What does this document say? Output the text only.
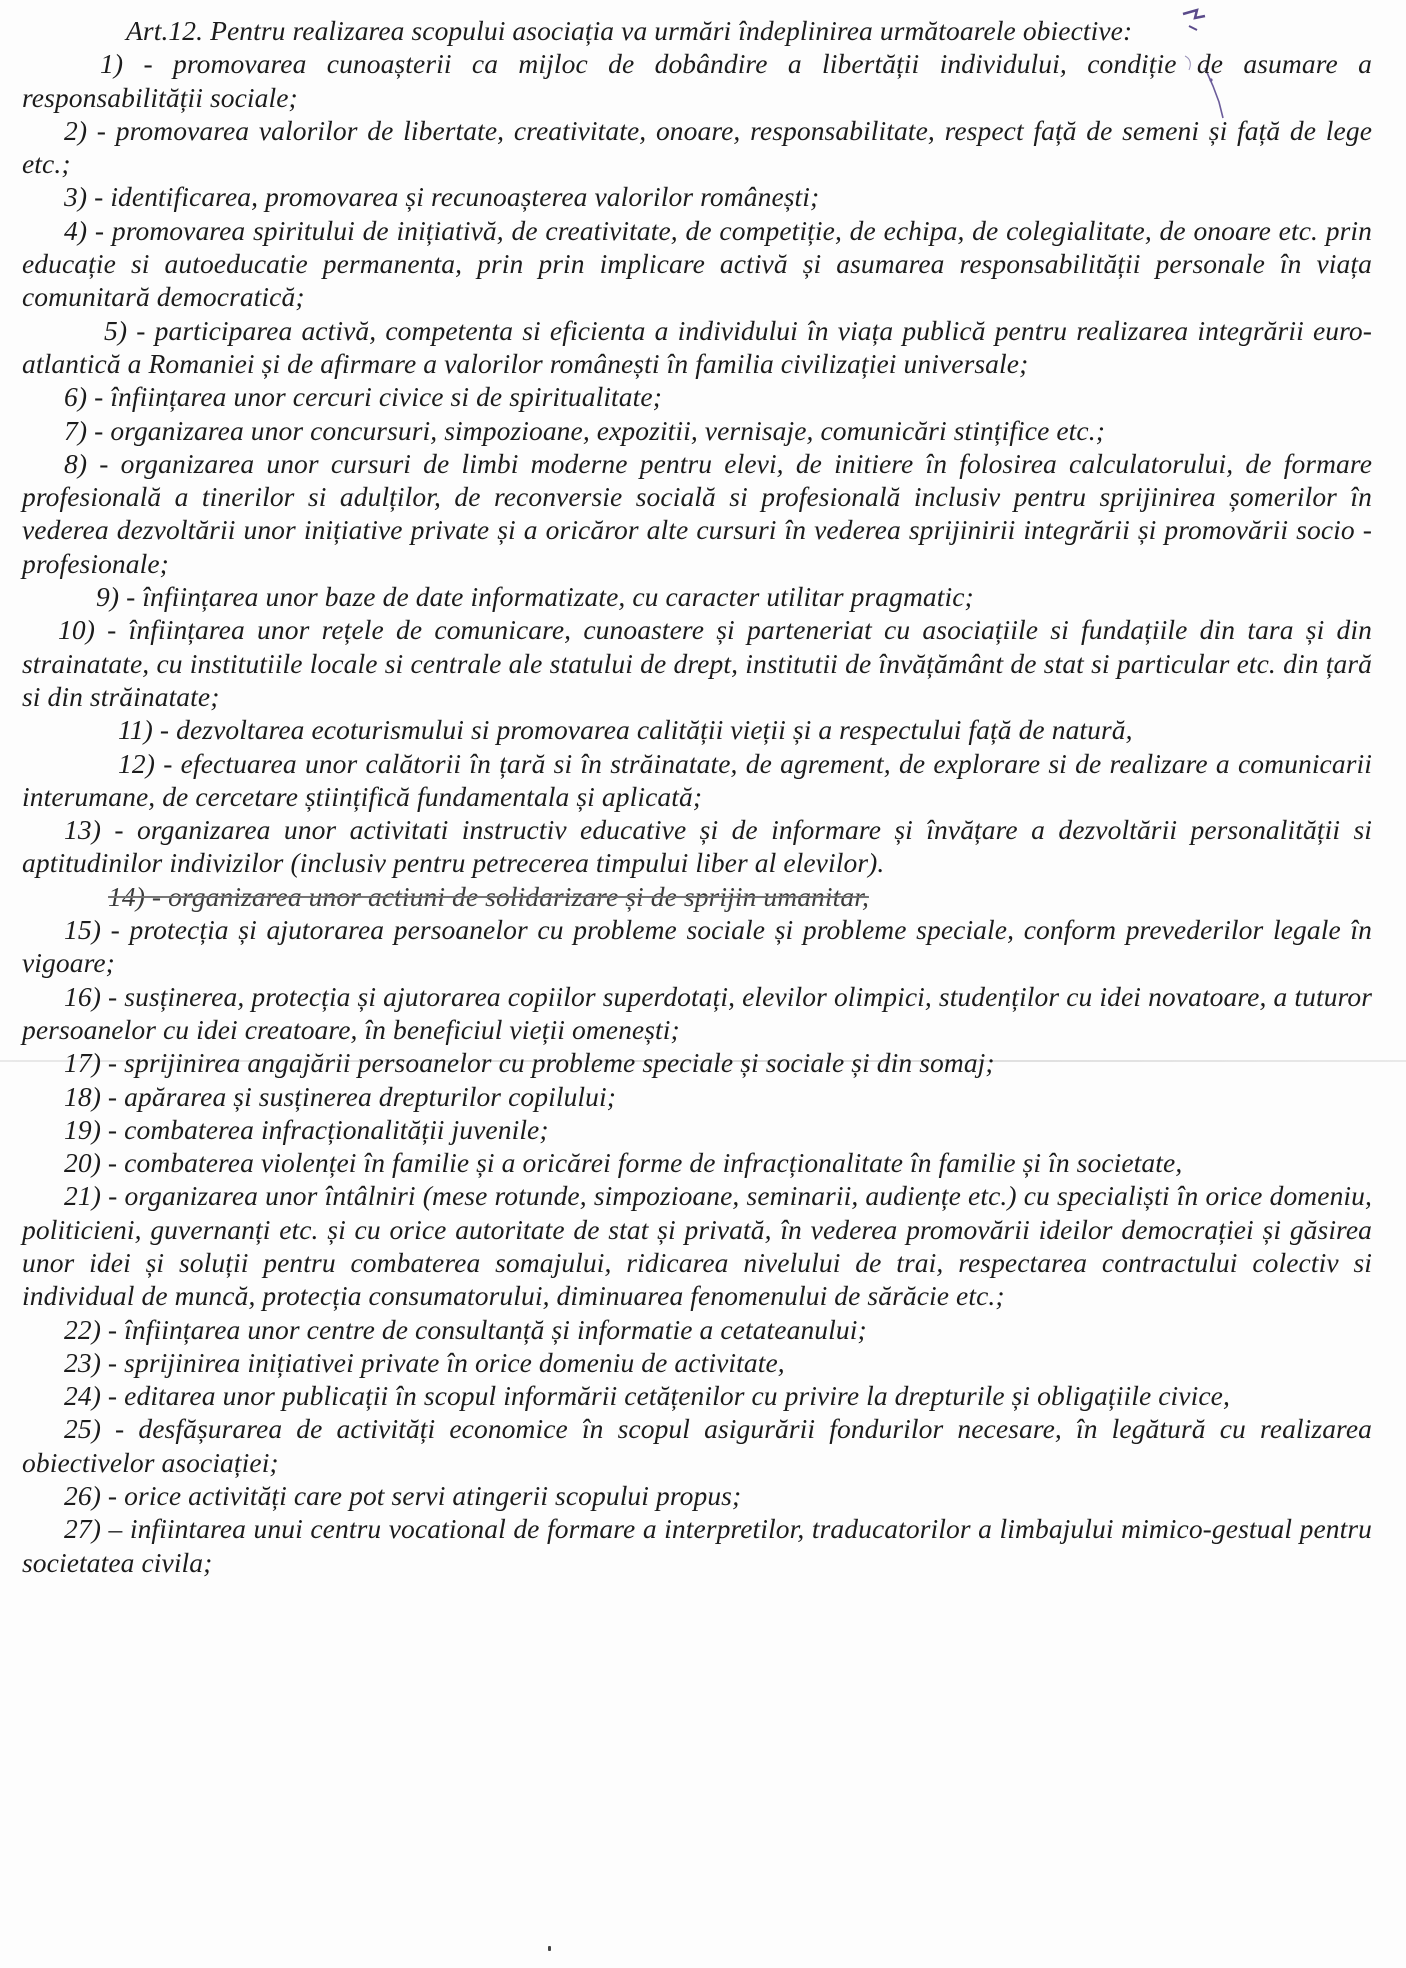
Art.12. Pentru realizarea scopului asociația va urmări îndeplinirea următoarele obiective:

1) - promovarea cunoașterii ca mijloc de dobândire a libertății individului, condiție de asumare a responsabilității sociale;

2) - promovarea valorilor de libertate, creativitate, onoare, responsabilitate, respect față de semeni și față de lege etc.;

3) - identificarea, promovarea și recunoașterea valorilor românești;

4) - promovarea spiritului de inițiativă, de creativitate, de competiție, de echipa, de colegialitate, de onoare etc. prin educație si autoeducatie permanenta, prin prin implicare activă și asumarea responsabilității personale în viața comunitară democratică;

5) - participarea activă, competenta si eficienta a individului în viața publică pentru realizarea integrării euro-atlantică a Romaniei și de afirmare a valorilor românești în familia civilizației universale;

6) - înființarea unor cercuri civice si de spiritualitate;

7) - organizarea unor concursuri, simpozioane, expozitii, vernisaje, comunicări stințifice etc.;

8) - organizarea unor cursuri de limbi moderne pentru elevi, de initiere în folosirea calculatorului, de formare profesională a tinerilor si adulților, de reconversie socială si profesională inclusiv pentru sprijinirea șomerilor în vederea dezvoltării unor inițiative private și a oricăror alte cursuri în vederea sprijinirii integrării și promovării socio - profesionale;

9) - înființarea unor baze de date informatizate, cu caracter utilitar pragmatic;

10) - înființarea unor rețele de comunicare, cunoastere și parteneriat cu asociațiile si fundațiile din tara și din strainatate, cu institutiile locale si centrale ale statului de drept, institutii de învățământ de stat si particular etc. din țară si din străinatate;

11) - dezvoltarea ecoturismului si promovarea calității vieții și a respectului față de natură,

12) - efectuarea unor calătorii în țară si în străinatate, de agrement, de explorare si de realizare a comunicarii interumane, de cercetare științifică fundamentala și aplicată;

13) - organizarea unor activitati instructiv educative și de informare și învățare a dezvoltării personalității si aptitudinilor indivizilor (inclusiv pentru petrecerea timpului liber al elevilor).

14) - organizarea unor actiuni de solidarizare și de sprijin umanitar,

15) - protecția și ajutorarea persoanelor cu probleme sociale și probleme speciale, conform prevederilor legale în vigoare;

16) - susținerea, protecția și ajutorarea copiilor superdotați, elevilor olimpici, studenților cu idei novatoare, a tuturor persoanelor cu idei creatoare, în beneficiul vieții omenești;

17) - sprijinirea angajării persoanelor cu probleme speciale și sociale și din somaj;

18) - apărarea și susținerea drepturilor copilului;

19) - combaterea infracționalității juvenile;

20) - combaterea violenței în familie și a oricărei forme de infracționalitate în familie și în societate,

21) - organizarea unor întâlniri (mese rotunde, simpozioane, seminarii, audiențe etc.) cu specialiști în orice domeniu, politicieni, guvernanți etc. și cu orice autoritate de stat și privată, în vederea promovării ideilor democrației și găsirea unor idei și soluții pentru combaterea somajului, ridicarea nivelului de trai, respectarea contractului colectiv si individual de muncă, protecția consumatorului, diminuarea fenomenului de sărăcie etc.;

22) - înființarea unor centre de consultanță și informatie a cetateanului;

23) - sprijinirea inițiativei private în orice domeniu de activitate,

24) - editarea unor publicații în scopul informării cetățenilor cu privire la drepturile și obligațiile civice,

25) - desfășurarea de activități economice în scopul asigurării fondurilor necesare, în legătură cu realizarea obiectivelor asociației;

26) - orice activități care pot servi atingerii scopului propus;

27) – infiintarea unui centru vocational de formare a interpretilor, traducatorilor a limbajului mimico-gestual pentru societatea civila;
